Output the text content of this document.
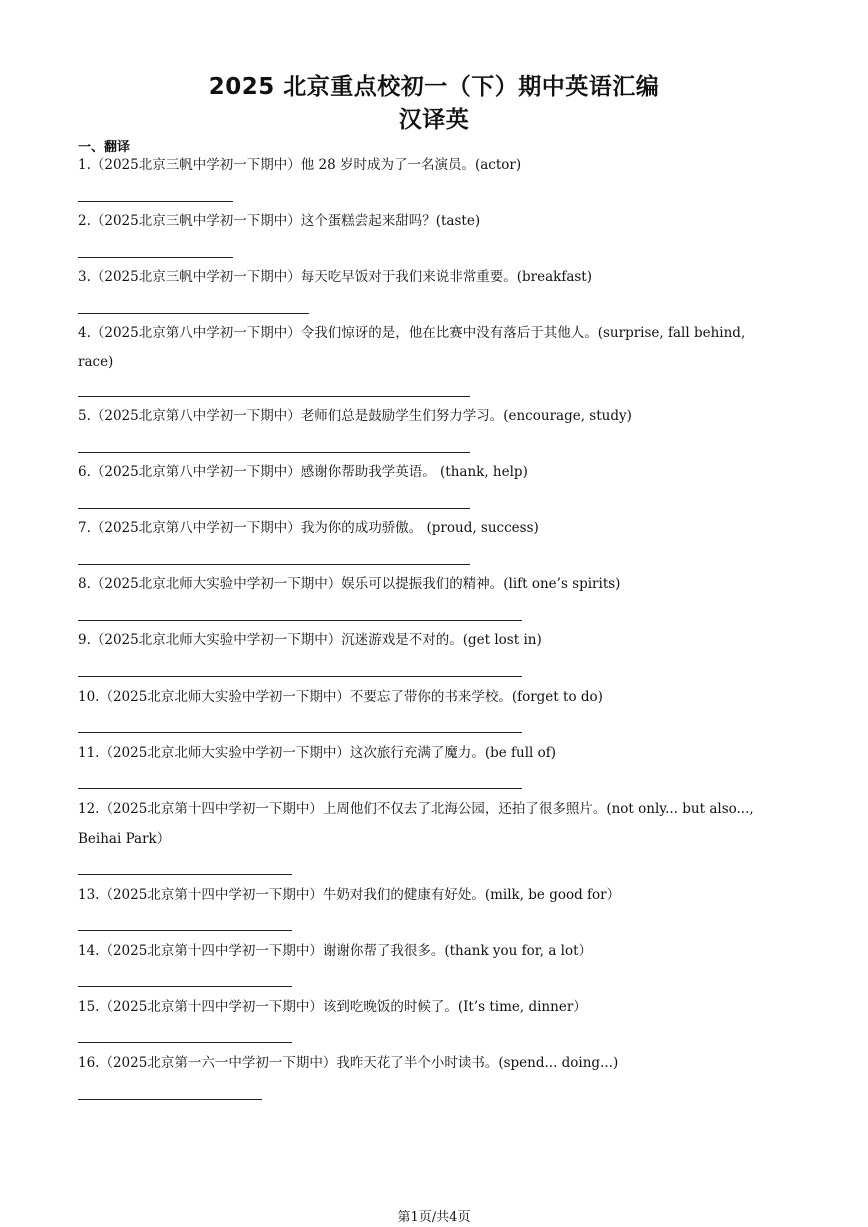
2025 北京重点校初一（下）期中英语汇编
汉译英
一、翻译
1.（2025北京三帆中学初一下期中）他 28 岁时成为了一名演员。(actor)
2.（2025北京三帆中学初一下期中）这个蛋糕尝起来甜吗？(taste)
3.（2025北京三帆中学初一下期中）每天吃早饭对于我们来说非常重要。(breakfast)
4.（2025北京第八中学初一下期中）令我们惊讶的是，他在比赛中没有落后于其他人。(surprise, fall behind,
race)
5.（2025北京第八中学初一下期中）老师们总是鼓励学生们努力学习。(encourage, study)
6.（2025北京第八中学初一下期中）感谢你帮助我学英语。 (thank, help)
7.（2025北京第八中学初一下期中）我为你的成功骄傲。 (proud, success)
8.（2025北京北师大实验中学初一下期中）娱乐可以提振我们的精神。(lift one’s spirits)
9.（2025北京北师大实验中学初一下期中）沉迷游戏是不对的。(get lost in)
10.（2025北京北师大实验中学初一下期中）不要忘了带你的书来学校。(forget to do)
11.（2025北京北师大实验中学初一下期中）这次旅行充满了魔力。(be full of)
12.（2025北京第十四中学初一下期中）上周他们不仅去了北海公园，还拍了很多照片。(not only... but also...,
Beihai Park）
13.（2025北京第十四中学初一下期中）牛奶对我们的健康有好处。(milk, be good for）
14.（2025北京第十四中学初一下期中）谢谢你帮了我很多。(thank you for, a lot）
15.（2025北京第十四中学初一下期中）该到吃晚饭的时候了。(It’s time, dinner）
16.（2025北京第一六一中学初一下期中）我昨天花了半个小时读书。(spend... doing...)
第1页/共4页
